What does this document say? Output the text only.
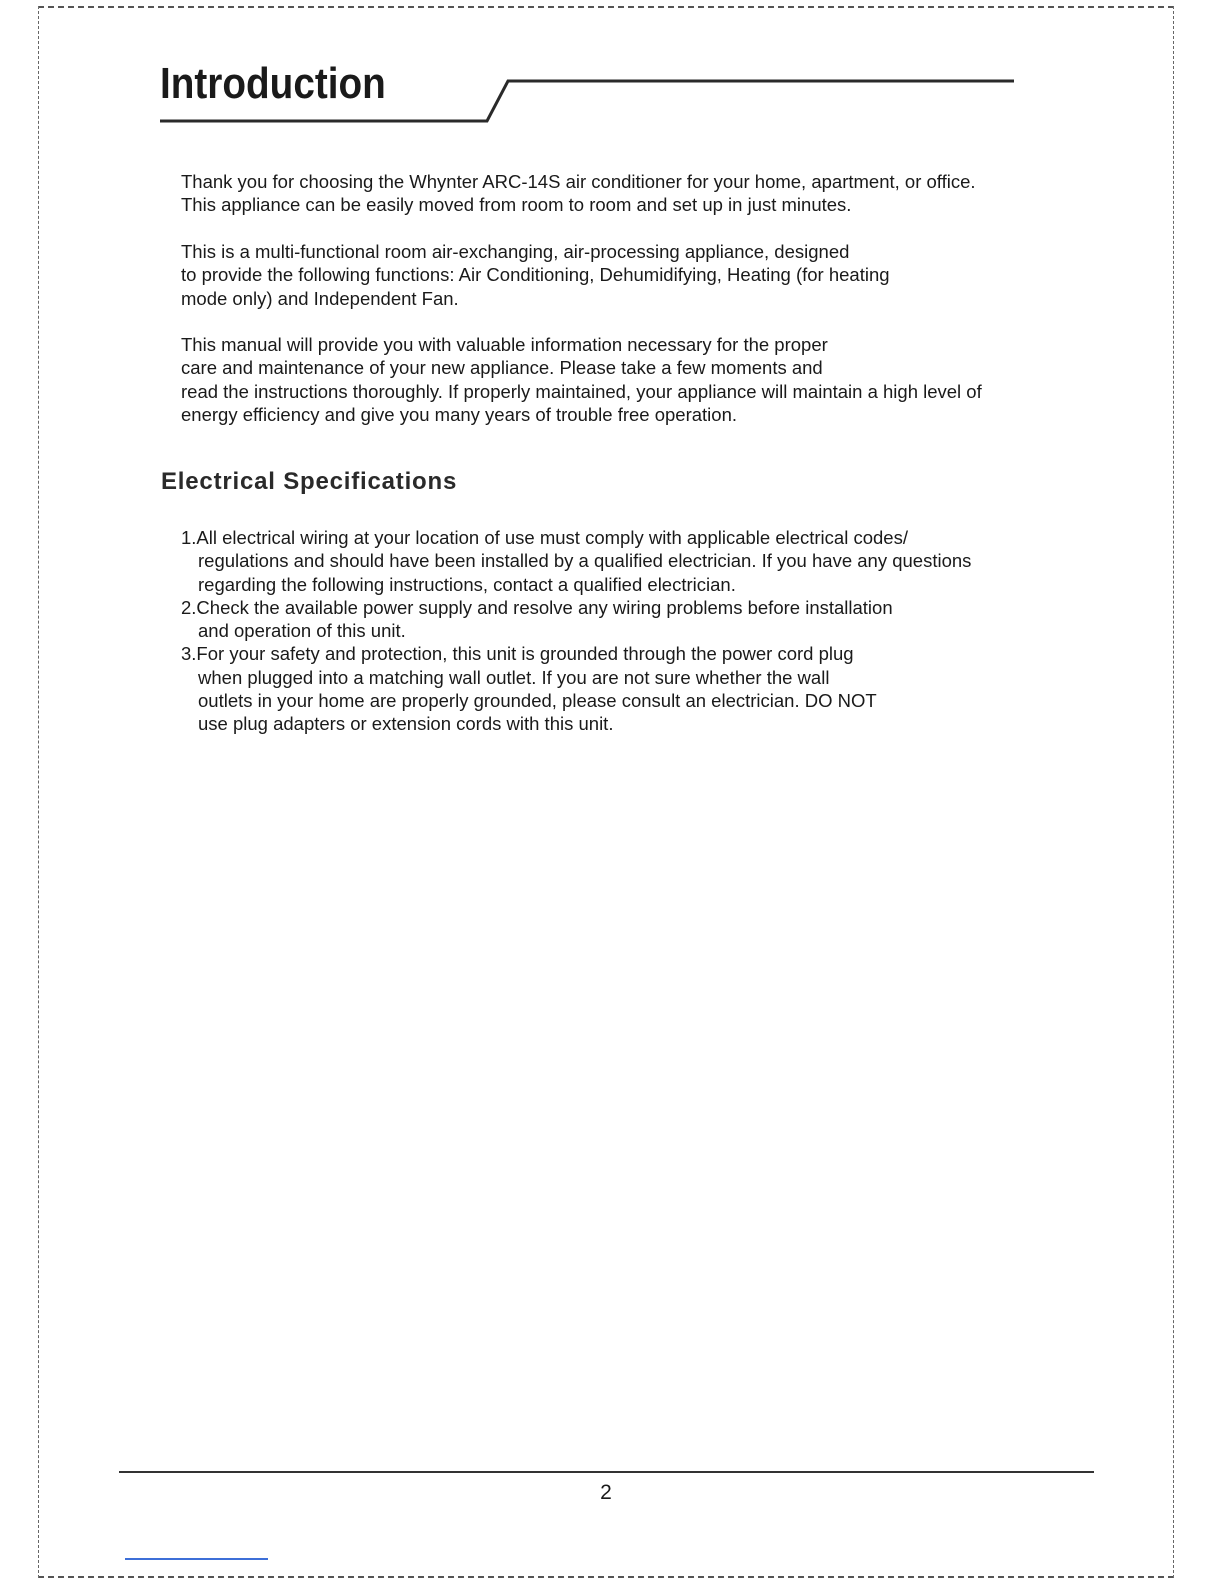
Introduction

Thank you for choosing the Whynter ARC-14S air conditioner for your home, apartment, or office.
This appliance can be easily moved from room to room and set up in just minutes.

This is a multi-functional room air-exchanging, air-processing appliance, designed
to provide the following functions: Air Conditioning, Dehumidifying, Heating (for heating
mode only) and Independent Fan.

This manual will provide you with valuable information necessary for the proper
care and maintenance of your new appliance. Please take a few moments and
read the instructions thoroughly. If properly maintained, your appliance will maintain a high level of
energy efficiency and give you many years of trouble free operation.

Electrical Specifications
1.All electrical wiring at your location of use must comply with applicable electrical codes/
regulations and should have been installed by a qualified electrician. If you have any questions
regarding the following instructions, contact a qualified electrician.
2.Check the available power supply and resolve any wiring problems before installation
and operation of this unit.
3.For your safety and protection, this unit is grounded through the power cord plug
when plugged into a matching wall outlet. If you are not sure whether the wall
outlets in your home are properly grounded, please consult an electrician. DO NOT
use plug adapters or extension cords with this unit.
2
